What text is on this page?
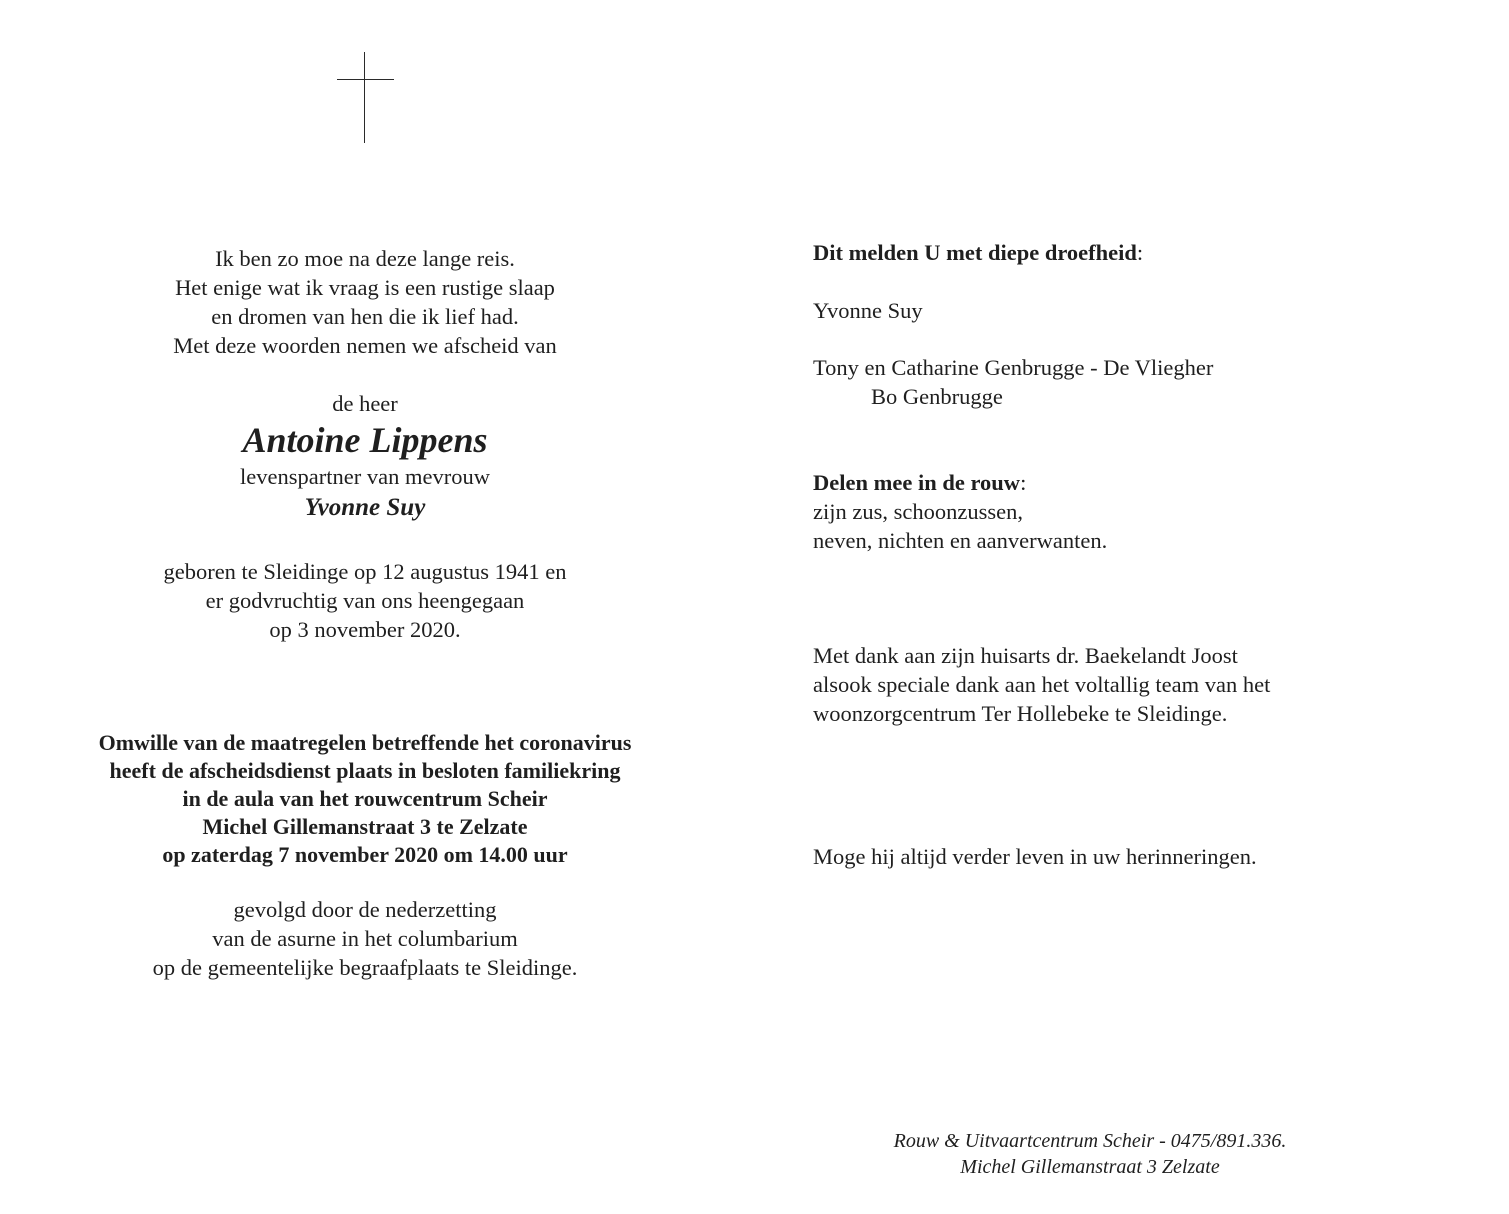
Ik ben zo moe na deze lange reis.
Het enige wat ik vraag is een rustige slaap
en dromen van hen die ik lief had.
Met deze woorden nemen we afscheid van
de heer
Antoine Lippens
levenspartner van mevrouw
Yvonne Suy
geboren te Sleidinge op 12 augustus 1941 en
er godvruchtig van ons heengegaan
op 3 november 2020.
Omwille van de maatregelen betreffende het coronavirus
heeft de afscheidsdienst plaats in besloten familiekring
in de aula van het rouwcentrum Scheir
Michel Gillemanstraat 3 te Zelzate
op zaterdag 7 november 2020 om 14.00 uur
gevolgd door de nederzetting
van de asurne in het columbarium
op de gemeentelijke begraafplaats te Sleidinge.
Dit melden U met diepe droefheid:
Yvonne Suy
Tony en Catharine Genbrugge - De Vliegher
Bo Genbrugge
Delen mee in de rouw:
zijn zus, schoonzussen,
neven, nichten en aanverwanten.
Met dank aan zijn huisarts dr. Baekelandt Joost
alsook speciale dank aan het voltallig team van het
woonzorgcentrum Ter Hollebeke te Sleidinge.
Moge hij altijd verder leven in uw herinneringen.
Rouw & Uitvaartcentrum Scheir - 0475/891.336.
Michel Gillemanstraat 3 Zelzate
